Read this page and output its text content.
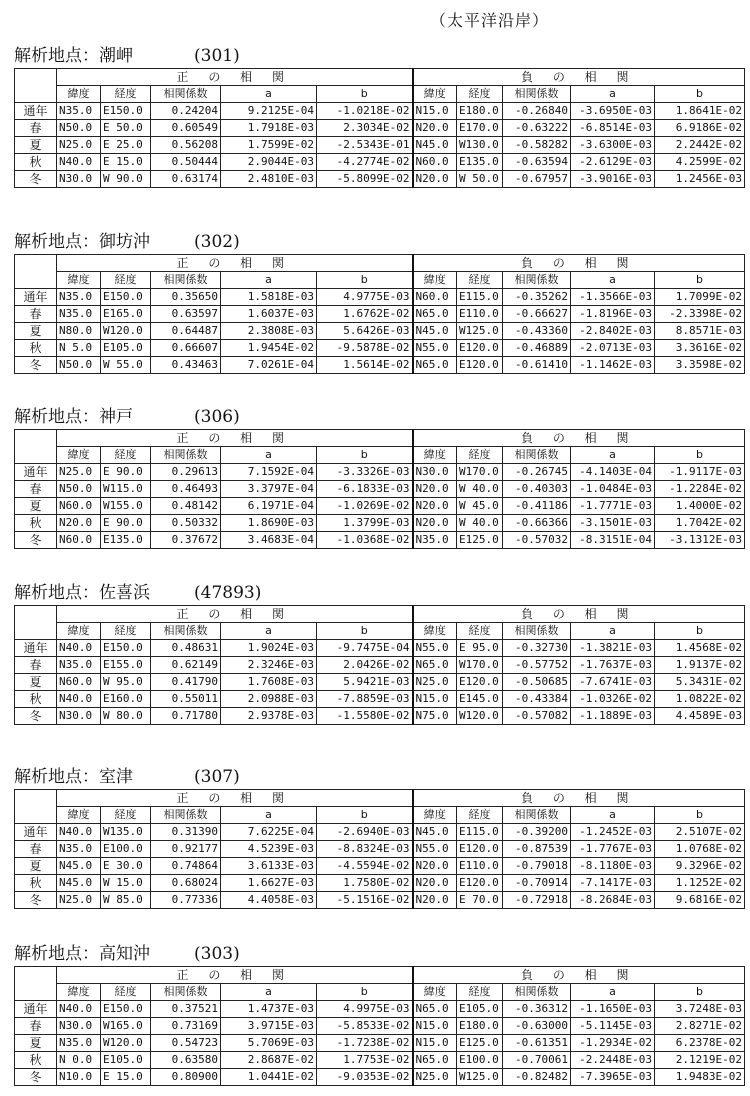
（太平洋沿岸）
解析地点：潮岬	(301)
	正 の 相 関					負 の 相 関				
	緯度	経度	相関係数	a	b	緯度	経度	相関係数	a	b
通年	N35.0	E150.0	0.24204	9.2125E-04	-1.0218E-02	N15.0	E180.0	-0.26840	-3.6950E-03	1.8641E-02
春	N50.0	E 50.0	0.60549	1.7918E-03	2.3034E-02	N20.0	E170.0	-0.63222	-6.8514E-03	6.9186E-02
夏	N25.0	E 25.0	0.56208	1.7599E-02	-2.5343E-01	N45.0	W130.0	-0.58282	-3.6300E-03	2.2442E-02
秋	N40.0	E 15.0	0.50444	2.9044E-03	-4.2774E-02	N60.0	E135.0	-0.63594	-2.6129E-03	4.2599E-02
冬	N30.0	W 90.0	0.63174	2.4810E-03	-5.8099E-02	N20.0	W 50.0	-0.67957	-3.9016E-03	1.2456E-03
解析地点：御坊沖	(302)
	正 の 相 関					負 の 相 関				
	緯度	経度	相関係数	a	b	緯度	経度	相関係数	a	b
通年	N35.0	E150.0	0.35650	1.5818E-03	4.9775E-03	N60.0	E115.0	-0.35262	-1.3566E-03	1.7099E-02
春	N35.0	E165.0	0.63597	1.6037E-03	1.6762E-02	N65.0	E110.0	-0.66627	-1.8196E-03	-2.3398E-02
夏	N80.0	W120.0	0.64487	2.3808E-03	5.6426E-03	N45.0	W125.0	-0.43360	-2.8402E-03	8.8571E-03
秋	N 5.0	E105.0	0.66607	1.9454E-02	-9.5878E-02	N55.0	E120.0	-0.46889	-2.0713E-03	3.3616E-02
冬	N50.0	W 55.0	0.43463	7.0261E-04	1.5614E-02	N65.0	E120.0	-0.61410	-1.1462E-03	3.3598E-02
解析地点：神戸	(306)
	正 の 相 関					負 の 相 関				
	緯度	経度	相関係数	a	b	緯度	経度	相関係数	a	b
通年	N25.0	E 90.0	0.29613	7.1592E-04	-3.3326E-03	N30.0	W170.0	-0.26745	-4.1403E-04	-1.9117E-03
春	N50.0	W115.0	0.46493	3.3797E-04	-6.1833E-03	N20.0	W 40.0	-0.40303	-1.0484E-03	-1.2284E-02
夏	N60.0	W155.0	0.48142	6.1971E-04	-1.0269E-02	N20.0	W 45.0	-0.41186	-1.7771E-03	1.4000E-02
秋	N20.0	E 90.0	0.50332	1.8690E-03	1.3799E-03	N20.0	W 40.0	-0.66366	-3.1501E-03	1.7042E-02
冬	N60.0	E135.0	0.37672	3.4683E-04	-1.0368E-02	N35.0	E125.0	-0.57032	-8.3151E-04	-3.1312E-03
解析地点：佐喜浜	(47893)
	正 の 相 関					負 の 相 関				
	緯度	経度	相関係数	a	b	緯度	経度	相関係数	a	b
通年	N40.0	E150.0	0.48631	1.9024E-03	-9.7475E-04	N55.0	E 95.0	-0.32730	-1.3821E-03	1.4568E-02
春	N35.0	E155.0	0.62149	2.3246E-03	2.0426E-02	N65.0	W170.0	-0.57752	-1.7637E-03	1.9137E-02
夏	N60.0	W 95.0	0.41790	1.7608E-03	5.9421E-03	N25.0	E120.0	-0.50685	-7.6741E-03	5.3431E-02
秋	N40.0	E160.0	0.55011	2.0988E-03	-7.8859E-03	N15.0	E145.0	-0.43384	-1.0326E-02	1.0822E-02
冬	N30.0	W 80.0	0.71780	2.9378E-03	-1.5580E-02	N75.0	W120.0	-0.57082	-1.1889E-03	4.4589E-03
解析地点：室津	(307)
	正 の 相 関					負 の 相 関				
	緯度	経度	相関係数	a	b	緯度	経度	相関係数	a	b
通年	N40.0	W135.0	0.31390	7.6225E-04	-2.6940E-03	N45.0	E115.0	-0.39200	-1.2452E-03	2.5107E-02
春	N35.0	E100.0	0.92177	4.5239E-03	-8.8324E-03	N55.0	E120.0	-0.87539	-1.7767E-03	1.0768E-02
夏	N45.0	E 30.0	0.74864	3.6133E-03	-4.5594E-02	N20.0	E110.0	-0.79018	-8.1180E-03	9.3296E-02
秋	N45.0	W 15.0	0.68024	1.6627E-03	1.7580E-02	N20.0	E120.0	-0.70914	-7.1417E-03	1.1252E-02
冬	N25.0	W 85.0	0.77336	4.4058E-03	-5.1516E-02	N20.0	E 70.0	-0.72918	-8.2684E-03	9.6816E-02
解析地点：高知沖	(303)
	正 の 相 関					負 の 相 関				
	緯度	経度	相関係数	a	b	緯度	経度	相関係数	a	b
通年	N40.0	E150.0	0.37521	1.4737E-03	4.9975E-03	N65.0	E105.0	-0.36312	-1.1650E-03	3.7248E-03
春	N30.0	W165.0	0.73169	3.9715E-03	-5.8533E-02	N15.0	E180.0	-0.63000	-5.1145E-03	2.8271E-02
夏	N35.0	W120.0	0.54723	5.7069E-03	-1.7238E-02	N15.0	E125.0	-0.61351	-1.2934E-02	6.2378E-02
秋	N 0.0	E105.0	0.63580	2.8687E-02	1.7753E-02	N65.0	E100.0	-0.70061	-2.2448E-03	2.1219E-02
冬	N10.0	E 15.0	0.80900	1.0441E-02	-9.0353E-02	N25.0	W125.0	-0.82482	-7.3965E-03	1.9483E-02
